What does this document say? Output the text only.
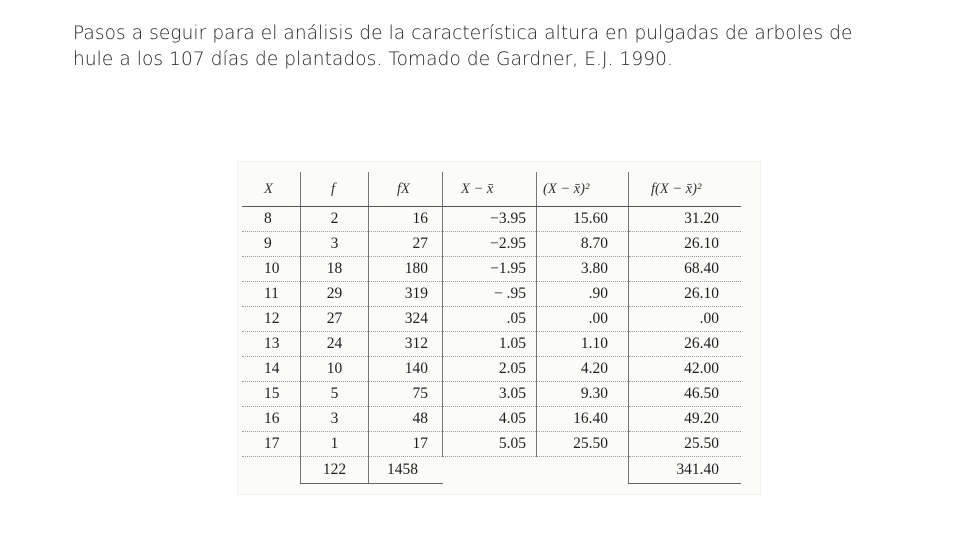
Pasos a seguir para el análisis de la característica altura en pulgadas de arboles de
hule a los 107 días de plantados. Tomado de Gardner, E.J. 1990.
X	f	fX	X − x̄	(X − x̄)²	f(X − x̄)²
8	2	16	−3.95	15.60	31.20
9	3	27	−2.95	8.70	26.10
10	18	180	−1.95	3.80	68.40
11	29	319	− .95	.90	26.10
12	27	324	.05	.00	.00
13	24	312	1.05	1.10	26.40
14	10	140	2.05	4.20	42.00
15	5	75	3.05	9.30	46.50
16	3	48	4.05	16.40	49.20
17	1	17	5.05	25.50	25.50
	122	1458			341.40
